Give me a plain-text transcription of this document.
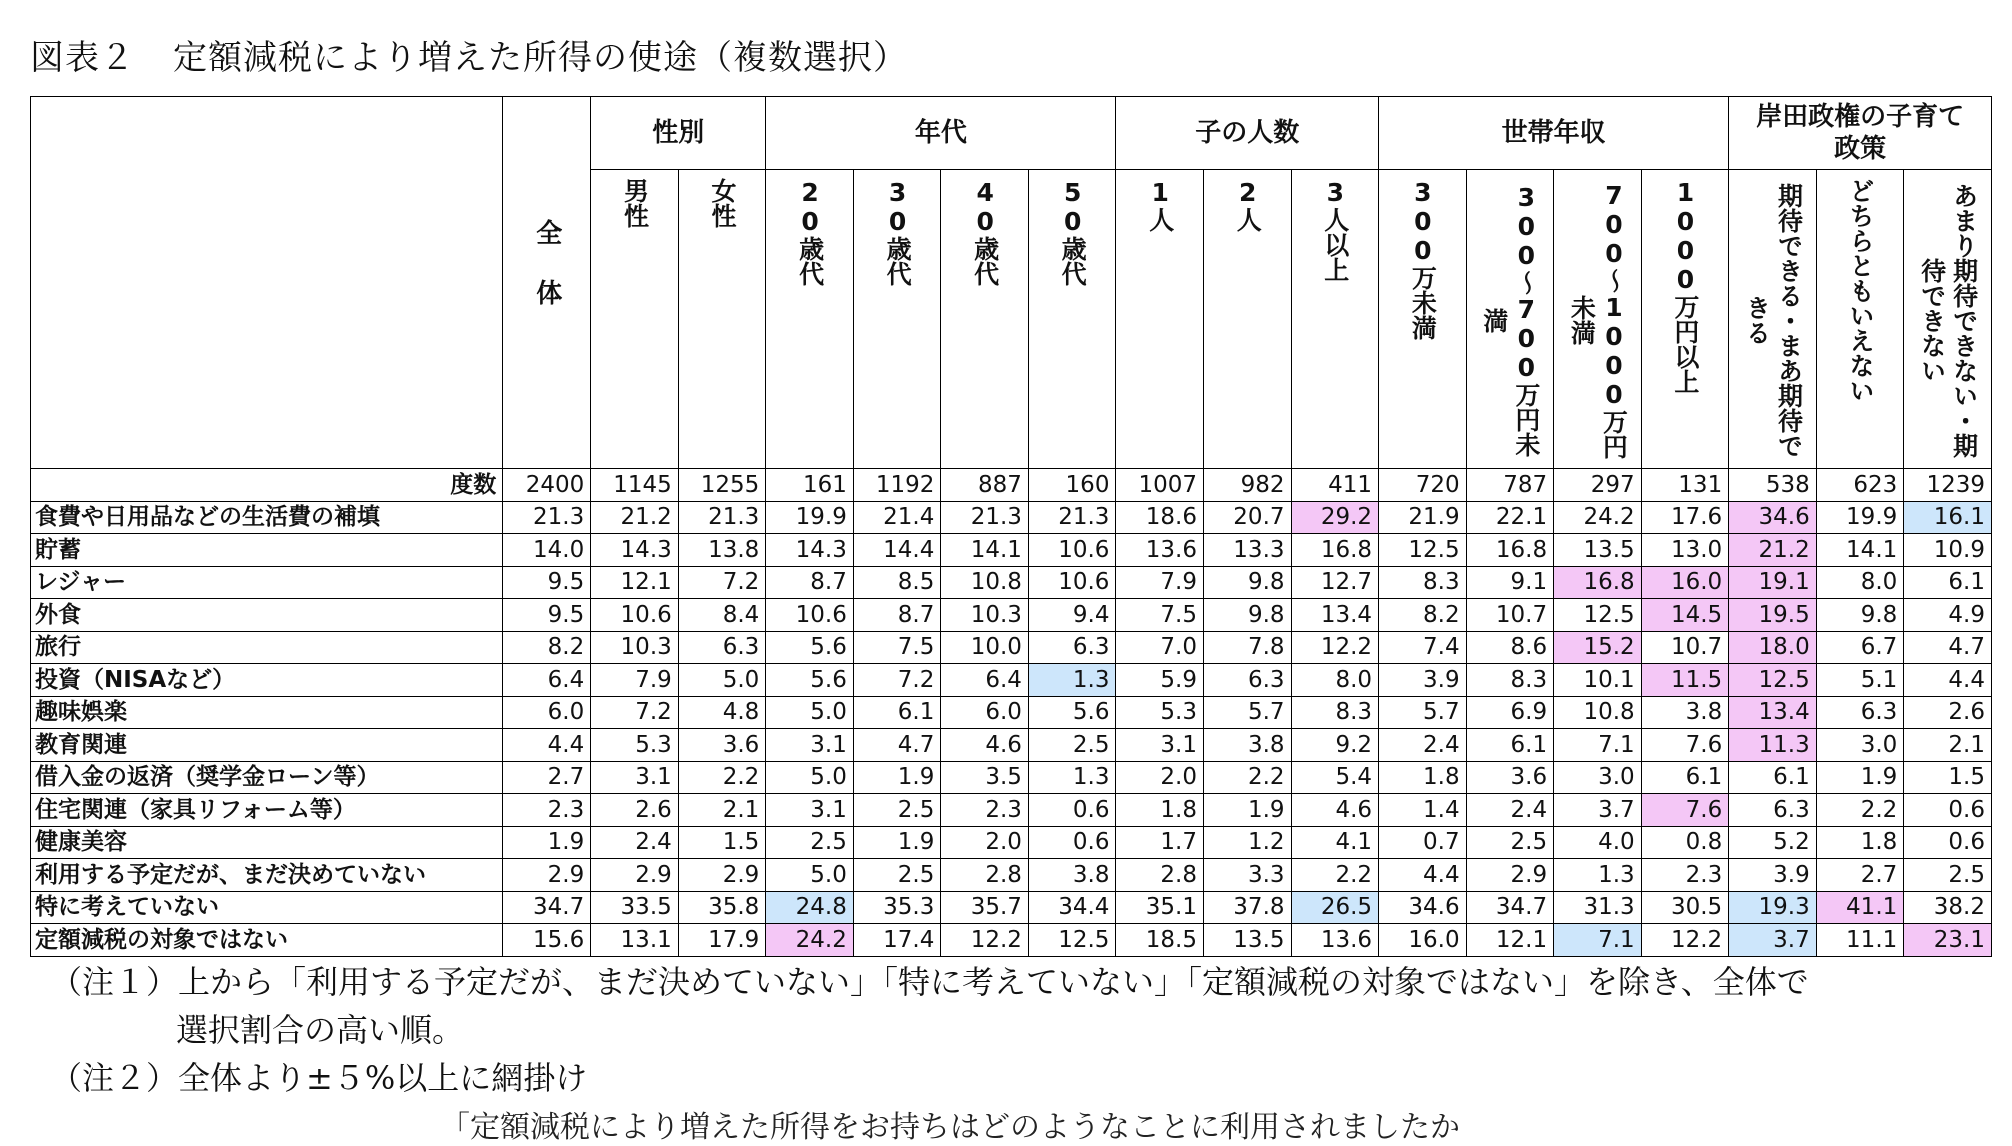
図表２ 定額減税により増えた所得の使途（複数選択）
	全体	性別		年代				子の人数			世帯年収				岸田政権の子育て政策		
		男性	女性	20歳代	30歳代	40歳代	50歳代	1人	2人	3人以上	300万未満	300〜700万円未満	700〜1000万円未満	1000万円以上	期待できる・まあ期待できる	どちらともいえない	あまり期待できない・期待できない
度数	2400	1145	1255	161	1192	887	160	1007	982	411	720	787	297	131	538	623	1239
食費や日用品などの生活費の補填	21.3	21.2	21.3	19.9	21.4	21.3	21.3	18.6	20.7	29.2	21.9	22.1	24.2	17.6	34.6	19.9	16.1
貯蓄	14.0	14.3	13.8	14.3	14.4	14.1	10.6	13.6	13.3	16.8	12.5	16.8	13.5	13.0	21.2	14.1	10.9
レジャー	9.5	12.1	7.2	8.7	8.5	10.8	10.6	7.9	9.8	12.7	8.3	9.1	16.8	16.0	19.1	8.0	6.1
外食	9.5	10.6	8.4	10.6	8.7	10.3	9.4	7.5	9.8	13.4	8.2	10.7	12.5	14.5	19.5	9.8	4.9
旅行	8.2	10.3	6.3	5.6	7.5	10.0	6.3	7.0	7.8	12.2	7.4	8.6	15.2	10.7	18.0	6.7	4.7
投資（NISAなど）	6.4	7.9	5.0	5.6	7.2	6.4	1.3	5.9	6.3	8.0	3.9	8.3	10.1	11.5	12.5	5.1	4.4
趣味娯楽	6.0	7.2	4.8	5.0	6.1	6.0	5.6	5.3	5.7	8.3	5.7	6.9	10.8	3.8	13.4	6.3	2.6
教育関連	4.4	5.3	3.6	3.1	4.7	4.6	2.5	3.1	3.8	9.2	2.4	6.1	7.1	7.6	11.3	3.0	2.1
借入金の返済（奨学金ローン等）	2.7	3.1	2.2	5.0	1.9	3.5	1.3	2.0	2.2	5.4	1.8	3.6	3.0	6.1	6.1	1.9	1.5
住宅関連（家具リフォーム等）	2.3	2.6	2.1	3.1	2.5	2.3	0.6	1.8	1.9	4.6	1.4	2.4	3.7	7.6	6.3	2.2	0.6
健康美容	1.9	2.4	1.5	2.5	1.9	2.0	0.6	1.7	1.2	4.1	0.7	2.5	4.0	0.8	5.2	1.8	0.6
利用する予定だが、まだ決めていない	2.9	2.9	2.9	5.0	2.5	2.8	3.8	2.8	3.3	2.2	4.4	2.9	1.3	2.3	3.9	2.7	2.5
特に考えていない	34.7	33.5	35.8	24.8	35.3	35.7	34.4	35.1	37.8	26.5	34.6	34.7	31.3	30.5	19.3	41.1	38.2
定額減税の対象ではない	15.6	13.1	17.9	24.2	17.4	12.2	12.5	18.5	13.5	13.6	16.0	12.1	7.1	12.2	3.7	11.1	23.1
（注１）上から「利用する予定だが、まだ決めていない」「特に考えていない」「定額減税の対象ではない」を除き、全体で
選択割合の高い順。
（注２）全体より±５%以上に網掛け
「定額減税により増えた所得をお持ちはどのようなことに利用されましたか
